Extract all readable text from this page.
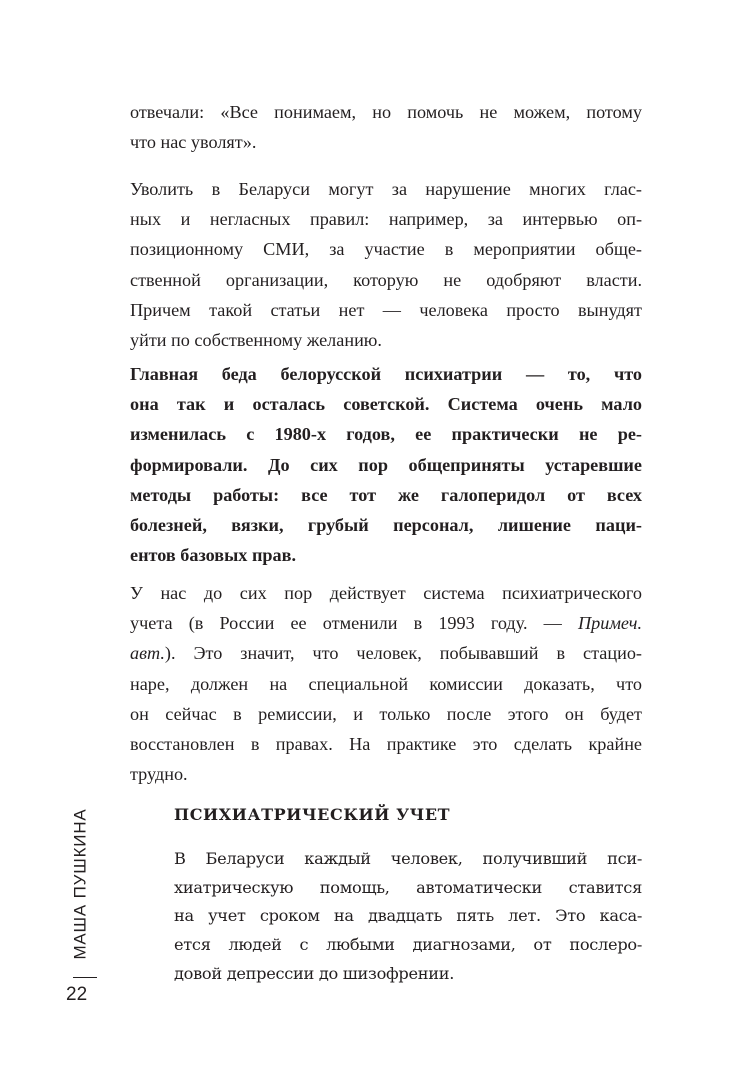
отвечали: «Все понимаем, но помочь не можем, потому
что нас уволят».

Уволить в Беларуси могут за нарушение многих глас-
ных и негласных правил: например, за интервью оп-
позиционному СМИ, за участие в мероприятии обще-
ственной организации, которую не одобряют власти.
Причем такой статьи нет — человека просто вынудят
уйти по собственному желанию.

Главная беда белорусской психиатрии — то, что
она так и осталась советской. Система очень мало
изменилась с 1980-х годов, ее практически не ре-
формировали. До сих пор общеприняты устаревшие
методы работы: все тот же галоперидол от всех
болезней, вязки, грубый персонал, лишение паци-
ентов базовых прав.

У нас до сих пор действует система психиатрического
учета (в России ее отменили в 1993 году. — Примеч.
авт.). Это значит, что человек, побывавший в стацио-
наре, должен на специальной комиссии доказать, что
он сейчас в ремиссии, и только после этого он будет
восстановлен в правах. На практике это сделать крайне
трудно.

ПСИХИАТРИЧЕСКИЙ УЧЕТ

В Беларуси каждый человек, получивший пси-
хиатрическую помощь, автоматически ставится
на учет сроком на двадцать пять лет. Это каса-
ется людей с любыми диагнозами, от послеро-
довой депрессии до шизофрении.

МАША ПУШКИНА

22
